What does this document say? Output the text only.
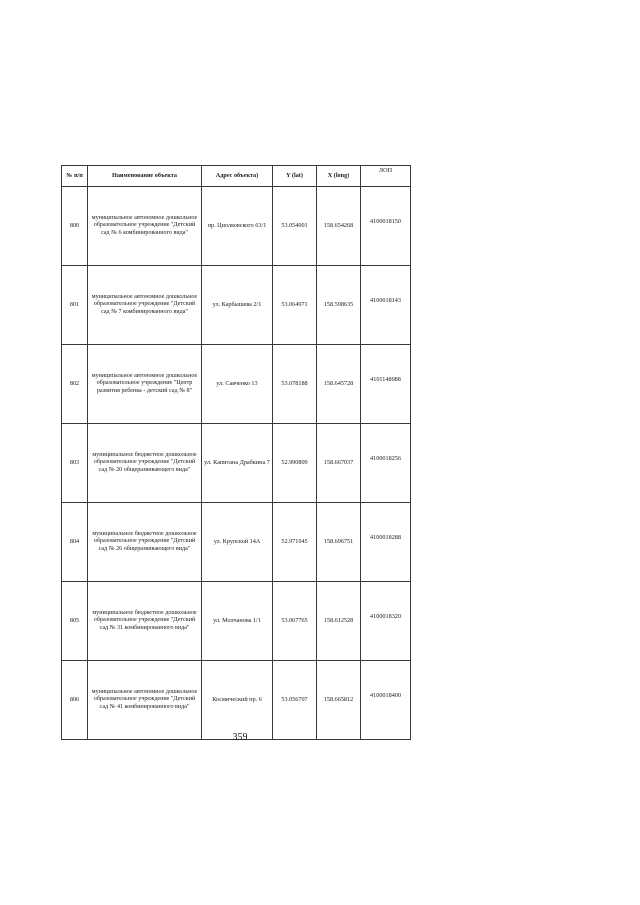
№ п/п	Наименование объекта	Адрес объекта)	Y (lat)	X (long)	ЛОП
800	муниципальное автономное дошкольное образовательное учреждение "Детский сад № 6 комбинированного вида"	пр. Циолковского 63/1	53.054001	158.654268	4100018150
801	муниципальное автономное дошкольное образовательное учреждение "Детский сад № 7 комбинированного вида"	ул. Карбышева 2/1	53.064971	158.598635	4100018143
802	муниципальное автономное дошкольное образовательное учреждение "Центр развития ребенка - детский сад № 8"	ул. Савченко 13	53.078188	158.645728	4101148988
803	муниципальное бюджетное дошкольное образовательное учреждение "Детский сад № 20 общеразвивающего вида"	ул. Капитана Драбкина 7	52.990809	158.667037	4100018256
804	муниципальное бюджетное дошкольное образовательное учреждение "Детский сад № 26 общеразвивающего вида"	ул. Крупской 14А	52.971045	158.696751	4100018288
805	муниципальное бюджетное дошкольное образовательное учреждение "Детский сад № 31 комбинированного вида"	ул. Молчанова 1/1	53.067765	158.612528	4100018320
806	муниципальное автономное дошкольное образовательное учреждение "Детский сад № 41 комбинированного вида"	Космический пр. 6	53.056707	158.665812	4100018400
359
